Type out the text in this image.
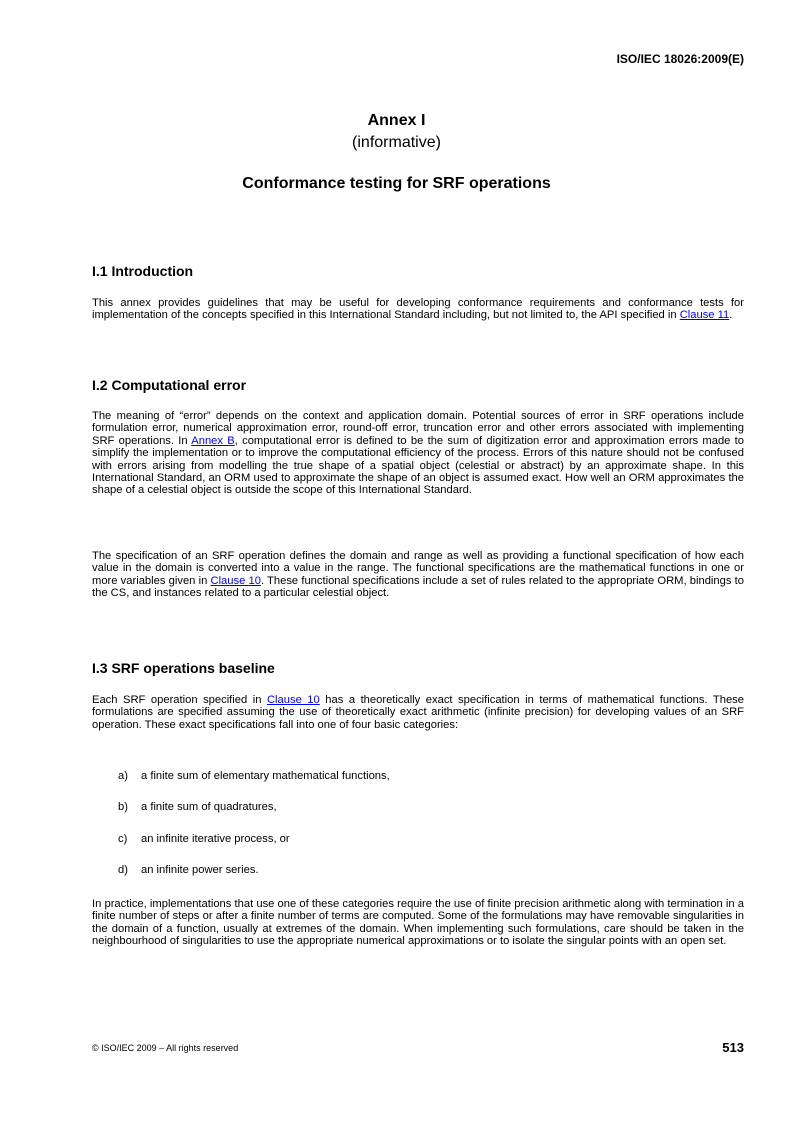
ISO/IEC 18026:2009(E)
Annex I
(informative)
Conformance testing for SRF operations
I.1 Introduction

This annex provides guidelines that may be useful for developing conformance requirements and conformance tests for implementation of the concepts specified in this International Standard including, but not limited to, the API specified in Clause 11.

I.2 Computational error

The meaning of “error” depends on the context and application domain. Potential sources of error in SRF operations include formulation error, numerical approximation error, round-off error, truncation error and other errors associated with implementing SRF operations. In Annex B, computational error is defined to be the sum of digitization error and approximation errors made to simplify the implementation or to improve the computational efficiency of the process. Errors of this nature should not be confused with errors arising from modelling the true shape of a spatial object (celestial or abstract) by an approximate shape. In this International Standard, an ORM used to approximate the shape of an object is assumed exact. How well an ORM approximates the shape of a celestial object is outside the scope of this International Standard.

The specification of an SRF operation defines the domain and range as well as providing a functional specification of how each value in the domain is converted into a value in the range. The functional specifications are the mathematical functions in one or more variables given in Clause 10. These functional specifications include a set of rules related to the appropriate ORM, bindings to the CS, and instances related to a particular celestial object.

I.3 SRF operations baseline

Each SRF operation specified in Clause 10 has a theoretically exact specification in terms of mathematical functions. These formulations are specified assuming the use of theoretically exact arithmetic (infinite precision) for developing values of an SRF operation. These exact specifications fall into one of four basic categories:

a) a finite sum of elementary mathematical functions,
b) a finite sum of quadratures,
c) an infinite iterative process, or
d) an infinite power series.

In practice, implementations that use one of these categories require the use of finite precision arithmetic along with termination in a finite number of steps or after a finite number of terms are computed. Some of the formulations may have removable singularities in the domain of a function, usually at extremes of the domain. When implementing such formulations, care should be taken in the neighbourhood of singularities to use the appropriate numerical approximations or to isolate the singular points with an open set.

© ISO/IEC 2009 – All rights reserved	513
